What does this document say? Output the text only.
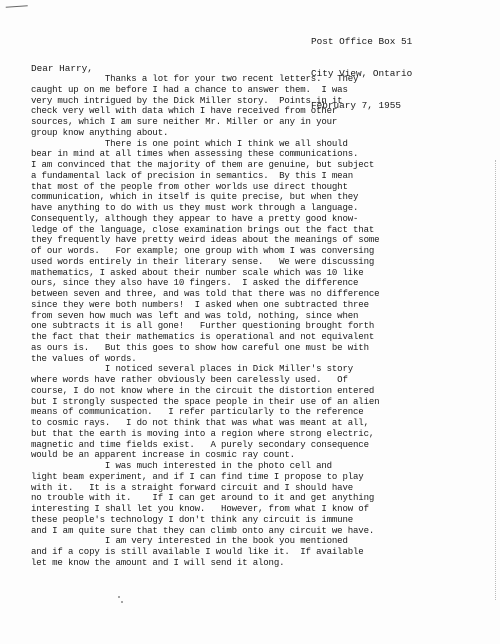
Post Office Box 51

City View, Ontario

February 7, 1955

Dear Harry,
Thanks a lot for your two recent letters.   They
caught up on me before I had a chance to answer them.  I was
very much intrigued by the Dick Miller story.  Points in it
check very well with data which I have received from other
sources, which I am sure neither Mr. Miller or any in your
group know anything about.
There is one point which I think we all should
bear in mind at all times when assessing these communications.
I am convinced that the majority of them are genuine, but subject
a fundamental lack of precision in semantics.  By this I mean
that most of the people from other worlds use direct thought
communication, which in itself is quite precise, but when they
have anything to do with us they must work through a language.
Consequently, although they appear to have a pretty good know-
ledge of the language, close examination brings out the fact that
they frequently have pretty weird ideas about the meanings of some
of our words.   For example; one group with whom I was conversing
used words entirely in their literary sense.   We were discussing
mathematics, I asked about their number scale which was 10 like
ours, since they also have 10 fingers.  I asked the difference
between seven and three, and was told that there was no difference
since they were both numbers!  I asked when one subtracted three
from seven how much was left and was told, nothing, since when
one subtracts it is all gone!   Further questioning brought forth
the fact that their mathematics is operational and not equivalent
as ours is.   But this goes to show how careful one must be with
the values of words.
I noticed several places in Dick Miller's story
where words have rather obviously been carelessly used.   Of
course, I do not know where in the circuit the distortion entered
but I strongly suspected the space people in their use of an alien
means of communication.   I refer particularly to the reference
to cosmic rays.   I do not think that was what was meant at all,
but that the earth is moving into a region where strong electric,
magnetic and time fields exist.   A purely secondary consequence
would be an apparent increase in cosmic ray count.
I was much interested in the photo cell and
light beam experiment, and if I can find time I propose to play
with it.   It is a straight forward circuit and I should have
no trouble with it.    If I can get around to it and get anything
interesting I shall let you know.   However, from what I know of
these people's technology I don't think any circuit is immune
and I am quite sure that they can climb onto any circuit we have.
I am very interested in the book you mentioned
and if a copy is still available I would like it.  If available
let me know the amount and I will send it along.
